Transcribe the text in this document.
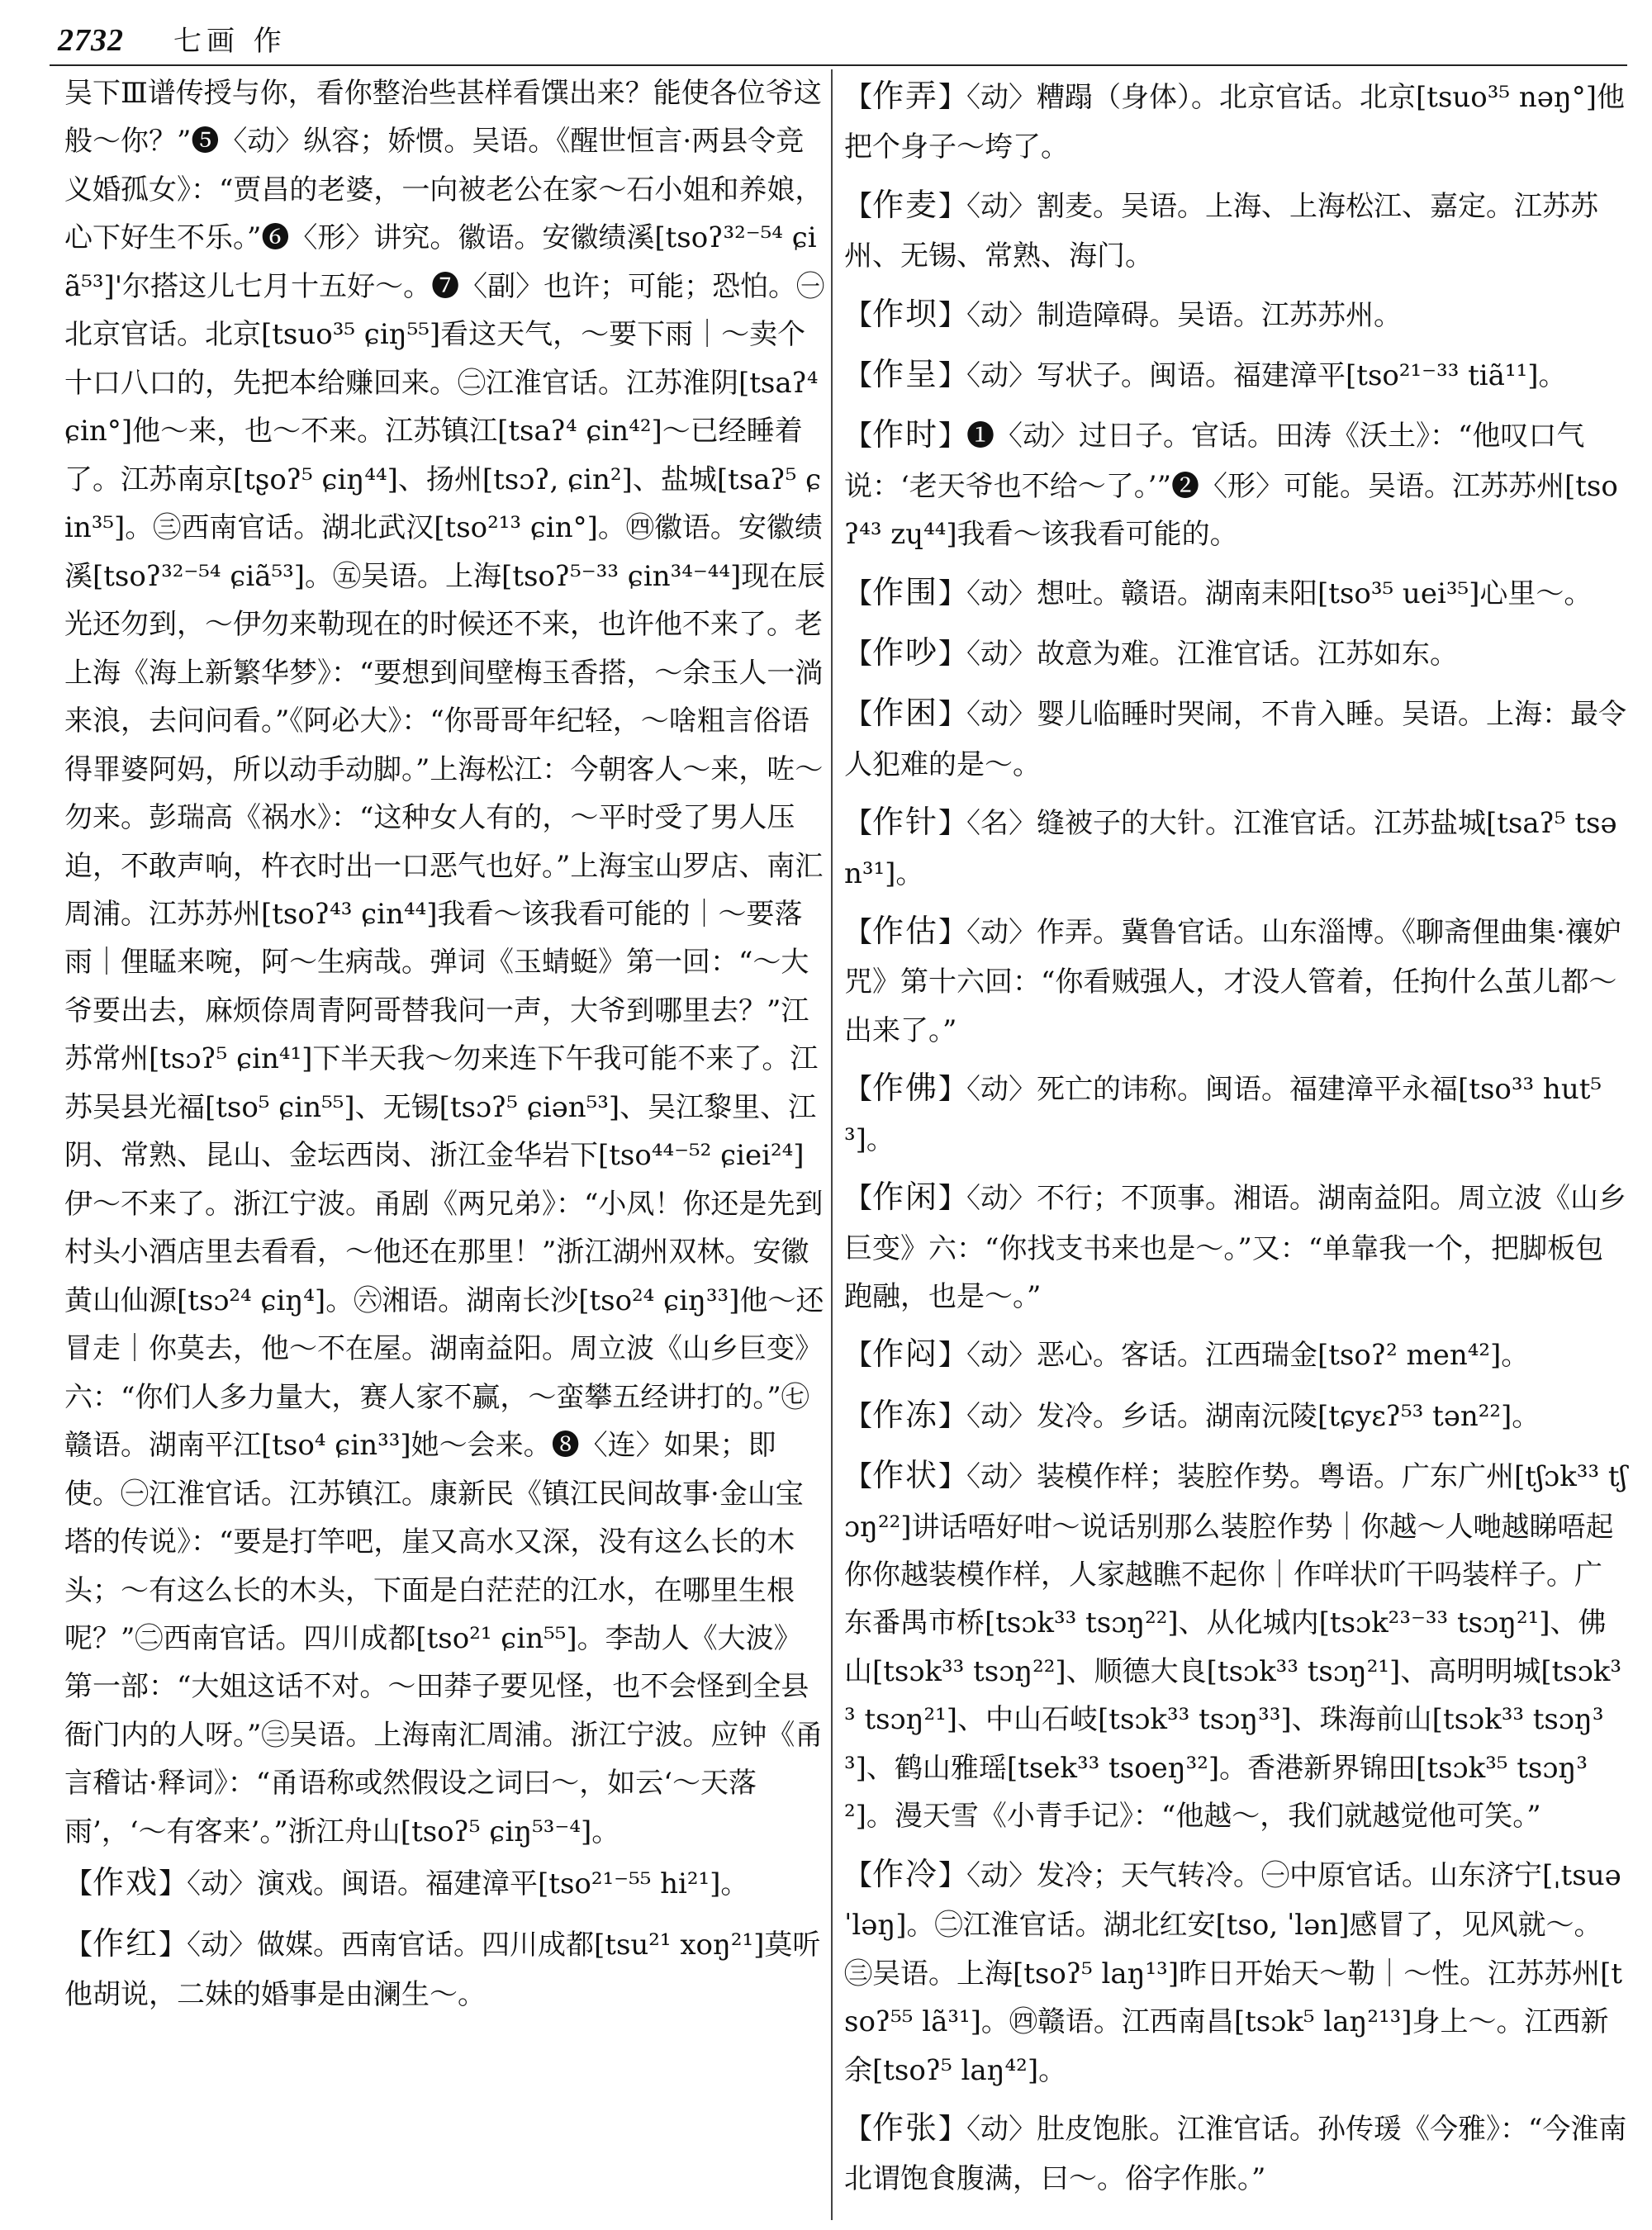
2732 七画 作

吴下Ⅲ谱传授与你，看你整治些甚样看馔出来？能使各位爷这般～你？”❺〈动〉纵容；娇惯。吴语。《醒世恒言·两县令竞义婚孤女》：“贾昌的老婆，一向被老公在家～石小姐和养娘，心下好生不乐。”❻〈形〉讲究。徽语。安徽绩溪[tsoʔ³²⁻⁵⁴ ɕiã⁵³]'尔搭这儿七月十五好～。❼〈副〉也许；可能；恐怕。㊀北京官话。北京[tsuo³⁵ ɕiŋ⁵⁵]看这天气，～要下雨｜～卖个十口八口的，先把本给赚回来。㊁江淮官话。江苏淮阴[tsaʔ⁴ ɕin°]他～来，也～不来。江苏镇江[tsaʔ⁴ ɕin⁴²]～已经睡着了。江苏南京[tʂoʔ⁵ ɕiŋ⁴⁴]、扬州[tsɔʔ, ɕin²]、盐城[tsaʔ⁵ ɕin³⁵]。㊂西南官话。湖北武汉[tso²¹³ ɕin°]。㊃徽语。安徽绩溪[tsoʔ³²⁻⁵⁴ ɕiã⁵³]。㊄吴语。上海[tsoʔ⁵⁻³³ ɕin³⁴⁻⁴⁴]现在辰光还勿到，～伊勿来勒现在的时候还不来，也许他不来了。老上海《海上新繁华梦》：“要想到间壁梅玉香搭，～余玉人一淌来浪，去问问看。”《阿必大》：“你哥哥年纪轻，～啥粗言俗语得罪婆阿妈，所以动手动脚。”上海松江：今朝客人～来，咗～勿来。彭瑞高《祸水》：“这种女人有的，～平时受了男人压迫，不敢声响，杵衣时出一口恶气也好。”上海宝山罗店、南汇周浦。江苏苏州[tsoʔ⁴³ ɕin⁴⁴]我看～该我看可能的｜～要落雨｜俚䁅来啘，阿～生病哉。弹词《玉蜻蜓》第一回：“～大爷要出去，麻烦倷周青阿哥替我问一声，大爷到哪里去？”江苏常州[tsɔʔ⁵ ɕin⁴¹]下半天我～勿来连下午我可能不来了。江苏吴县光福[tso⁵ ɕin⁵⁵]、无锡[tsɔʔ⁵ ɕiən⁵³]、吴江黎里、江阴、常熟、昆山、金坛西岗、浙江金华岩下[tso⁴⁴⁻⁵² ɕiei²⁴]伊～不来了。浙江宁波。甬剧《两兄弟》：“小凤！你还是先到村头小酒店里去看看，～他还在那里！”浙江湖州双林。安徽黄山仙源[tsɔ²⁴ ɕiŋ⁴]。㊅湘语。湖南长沙[tso²⁴ ɕiŋ³³]他～还冒走｜你莫去，他～不在屋。湖南益阳。周立波《山乡巨变》六：“你们人多力量大，赛人家不赢，～蛮攀五经讲打的。”㊆赣语。湖南平江[tso⁴ ɕin³³]她～会来。❽〈连〉如果；即使。㊀江淮官话。江苏镇江。康新民《镇江民间故事·金山宝塔的传说》：“要是打竿吧，崖又高水又深，没有这么长的木头；～有这么长的木头，下面是白茫茫的江水，在哪里生根呢？”㊁西南官话。四川成都[tso²¹ ɕin⁵⁵]。李劼人《大波》第一部：“大姐这话不对。～田莽子要见怪，也不会怪到全县衙门内的人呀。”㊂吴语。上海南汇周浦。浙江宁波。应钟《甬言稽诂·释词》：“甬语称或然假设之词曰～，如云‘～天落雨’，‘～有客来’。”浙江舟山[tsoʔ⁵ ɕiŋ⁵³⁻⁴]。

【作戏】〈动〉演戏。闽语。福建漳平[tso²¹⁻⁵⁵ hi²¹]。
【作红】〈动〉做媒。西南官话。四川成都[tsu²¹ xoŋ²¹]莫听他胡说，二妹的婚事是由澜生～。
【作弄】〈动〉糟蹋（身体）。北京官话。北京[tsuo³⁵ nəŋ°]他把个身子～垮了。
【作麦】〈动〉割麦。吴语。上海、上海松江、嘉定。江苏苏州、无锡、常熟、海门。
【作坝】〈动〉制造障碍。吴语。江苏苏州。
【作呈】〈动〉写状子。闽语。福建漳平[tso²¹⁻³³ tiã¹¹]。
【作时】❶〈动〉过日子。官话。田涛《沃土》：“他叹口气说：‘老天爷也不给～了。’”❷〈形〉可能。吴语。江苏苏州[tsoʔ⁴³ zɥ⁴⁴]我看～该我看可能的。
【作围】〈动〉想吐。赣语。湖南耒阳[tso³⁵ uei³⁵]心里～。
【作吵】〈动〉故意为难。江淮官话。江苏如东。
【作困】〈动〉婴儿临睡时哭闹，不肯入睡。吴语。上海：最令人犯难的是～。
【作针】〈名〉缝被子的大针。江淮官话。江苏盐城[tsaʔ⁵ tsən³¹]。
【作估】〈动〉作弄。冀鲁官话。山东淄博。《聊斋俚曲集·禳妒咒》第十六回：“你看贼强人，才没人管着，任拘什么茧儿都～出来了。”
【作佛】〈动〉死亡的讳称。闽语。福建漳平永福[tso³³ hut⁵³]。
【作闲】〈动〉不行；不顶事。湘语。湖南益阳。周立波《山乡巨变》六：“你找支书来也是～。”又：“单靠我一个，把脚板包跑融，也是～。”
【作闷】〈动〉恶心。客话。江西瑞金[tsoʔ² men⁴²]。
【作冻】〈动〉发冷。乡话。湖南沅陵[tɕyɛʔ⁵³ tən²²]。
【作状】〈动〉装模作样；装腔作势。粤语。广东广州[tʃɔk³³ tʃɔŋ²²]讲话唔好咁～说话别那么装腔作势｜你越～人哋越睇唔起你你越装模作样，人家越瞧不起你｜作咩状吖干吗装样子。广东番禺市桥[tsɔk³³ tsɔŋ²²]、从化城内[tsɔk²³⁻³³ tsɔŋ²¹]、佛山[tsɔk³³ tsɔŋ²²]、顺德大良[tsɔk³³ tsɔŋ²¹]、高明明城[tsɔk³³ tsɔŋ²¹]、中山石岐[tsɔk³³ tsɔŋ³³]、珠海前山[tsɔk³³ tsɔŋ³³]、鹤山雅瑶[tsek³³ tsoeŋ³²]。香港新界锦田[tsɔk³⁵ tsɔŋ³²]。漫天雪《小青手记》：“他越～，我们就越觉他可笑。”
【作冷】〈动〉发冷；天气转冷。㊀中原官话。山东济宁[ˌtsuə ˈləŋ]。㊁江淮官话。湖北红安[tso, ˈlən]感冒了，见风就～。㊂吴语。上海[tsoʔ⁵ laŋ¹³]昨日开始天～勒｜～性。江苏苏州[tsoʔ⁵⁵ lã³¹]。㊃赣语。江西南昌[tsɔk⁵ laŋ²¹³]身上～。江西新余[tsoʔ⁵ laŋ⁴²]。
【作张】〈动〉肚皮饱胀。江淮官话。孙传瑗《今雅》：“今淮南北谓饱食腹满，曰～。俗字作胀。”
